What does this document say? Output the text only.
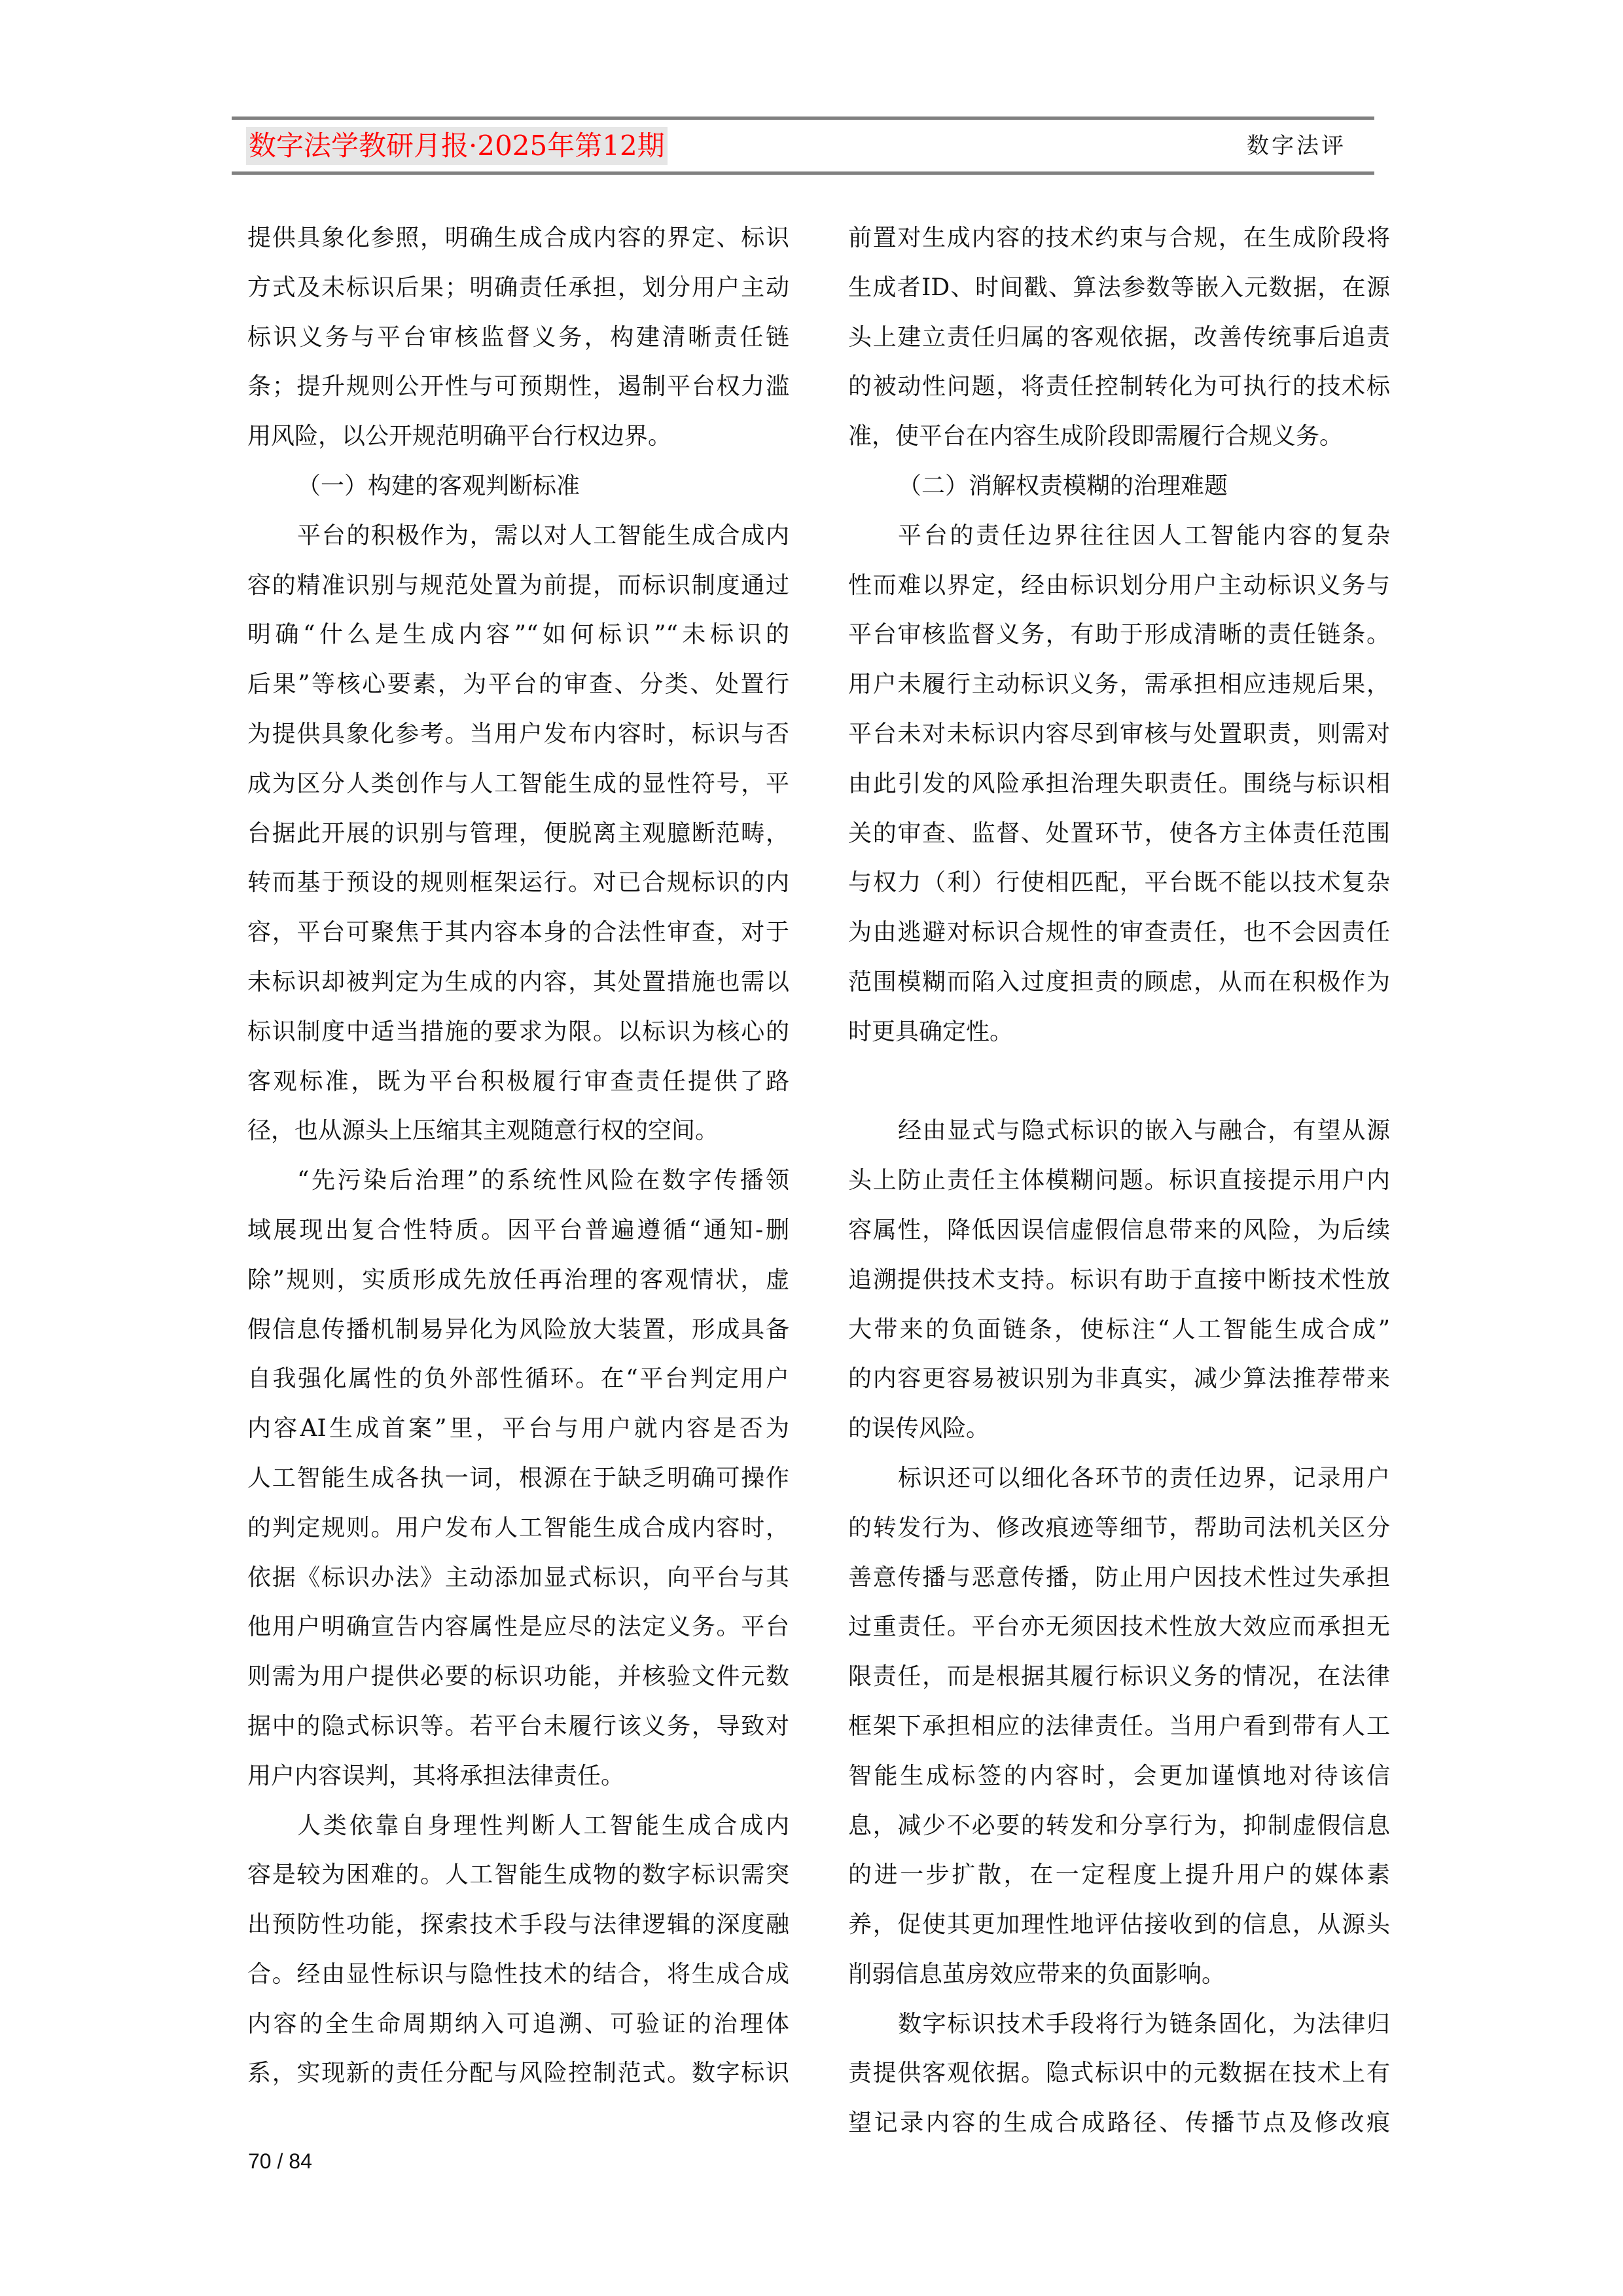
数字法学教研月报·2025年第12期	数字法评
提供具象化参照，明确生成合成内容的界定、标识
方式及未标识后果；明确责任承担，划分用户主动
标识义务与平台审核监督义务，构建清晰责任链
条；提升规则公开性与可预期性，遏制平台权力滥
用风险，以公开规范明确平台行权边界。
（一）构建的客观判断标准
平台的积极作为，需以对人工智能生成合成内
容的精准识别与规范处置为前提，而标识制度通过
明确“什么是生成内容”“如何标识”“未标识的
后果”等核心要素，为平台的审查、分类、处置行
为提供具象化参考。当用户发布内容时，标识与否
成为区分人类创作与人工智能生成的显性符号，平
台据此开展的识别与管理，便脱离主观臆断范畴，
转而基于预设的规则框架运行。对已合规标识的内
容，平台可聚焦于其内容本身的合法性审查，对于
未标识却被判定为生成的内容，其处置措施也需以
标识制度中适当措施的要求为限。以标识为核心的
客观标准，既为平台积极履行审查责任提供了路
径，也从源头上压缩其主观随意行权的空间。
“先污染后治理”的系统性风险在数字传播领
域展现出复合性特质。因平台普遍遵循“通知-删
除”规则，实质形成先放任再治理的客观情状，虚
假信息传播机制易异化为风险放大装置，形成具备
自我强化属性的负外部性循环。在“平台判定用户
内容AI生成首案”里，平台与用户就内容是否为
人工智能生成各执一词，根源在于缺乏明确可操作
的判定规则。用户发布人工智能生成合成内容时，
依据《标识办法》主动添加显式标识，向平台与其
他用户明确宣告内容属性是应尽的法定义务。平台
则需为用户提供必要的标识功能，并核验文件元数
据中的隐式标识等。若平台未履行该义务，导致对
用户内容误判，其将承担法律责任。
人类依靠自身理性判断人工智能生成合成内
容是较为困难的。人工智能生成物的数字标识需突
出预防性功能，探索技术手段与法律逻辑的深度融
合。经由显性标识与隐性技术的结合，将生成合成
内容的全生命周期纳入可追溯、可验证的治理体
系，实现新的责任分配与风险控制范式。数字标识
前置对生成内容的技术约束与合规，在生成阶段将
生成者ID、时间戳、算法参数等嵌入元数据，在源
头上建立责任归属的客观依据，改善传统事后追责
的被动性问题，将责任控制转化为可执行的技术标
准，使平台在内容生成阶段即需履行合规义务。
（二）消解权责模糊的治理难题
平台的责任边界往往因人工智能内容的复杂
性而难以界定，经由标识划分用户主动标识义务与
平台审核监督义务，有助于形成清晰的责任链条。
用户未履行主动标识义务，需承担相应违规后果，
平台未对未标识内容尽到审核与处置职责，则需对
由此引发的风险承担治理失职责任。围绕与标识相
关的审查、监督、处置环节，使各方主体责任范围
与权力（利）行使相匹配，平台既不能以技术复杂
为由逃避对标识合规性的审查责任，也不会因责任
范围模糊而陷入过度担责的顾虑，从而在积极作为
时更具确定性。
经由显式与隐式标识的嵌入与融合，有望从源
头上防止责任主体模糊问题。标识直接提示用户内
容属性，降低因误信虚假信息带来的风险，为后续
追溯提供技术支持。标识有助于直接中断技术性放
大带来的负面链条，使标注“人工智能生成合成”
的内容更容易被识别为非真实，减少算法推荐带来
的误传风险。
标识还可以细化各环节的责任边界，记录用户
的转发行为、修改痕迹等细节，帮助司法机关区分
善意传播与恶意传播，防止用户因技术性过失承担
过重责任。平台亦无须因技术性放大效应而承担无
限责任，而是根据其履行标识义务的情况，在法律
框架下承担相应的法律责任。当用户看到带有人工
智能生成标签的内容时，会更加谨慎地对待该信
息，减少不必要的转发和分享行为，抑制虚假信息
的进一步扩散，在一定程度上提升用户的媒体素
养，促使其更加理性地评估接收到的信息，从源头
削弱信息茧房效应带来的负面影响。
数字标识技术手段将行为链条固化，为法律归
责提供客观依据。隐式标识中的元数据在技术上有
望记录内容的生成合成路径、传播节点及修改痕
70 / 84
